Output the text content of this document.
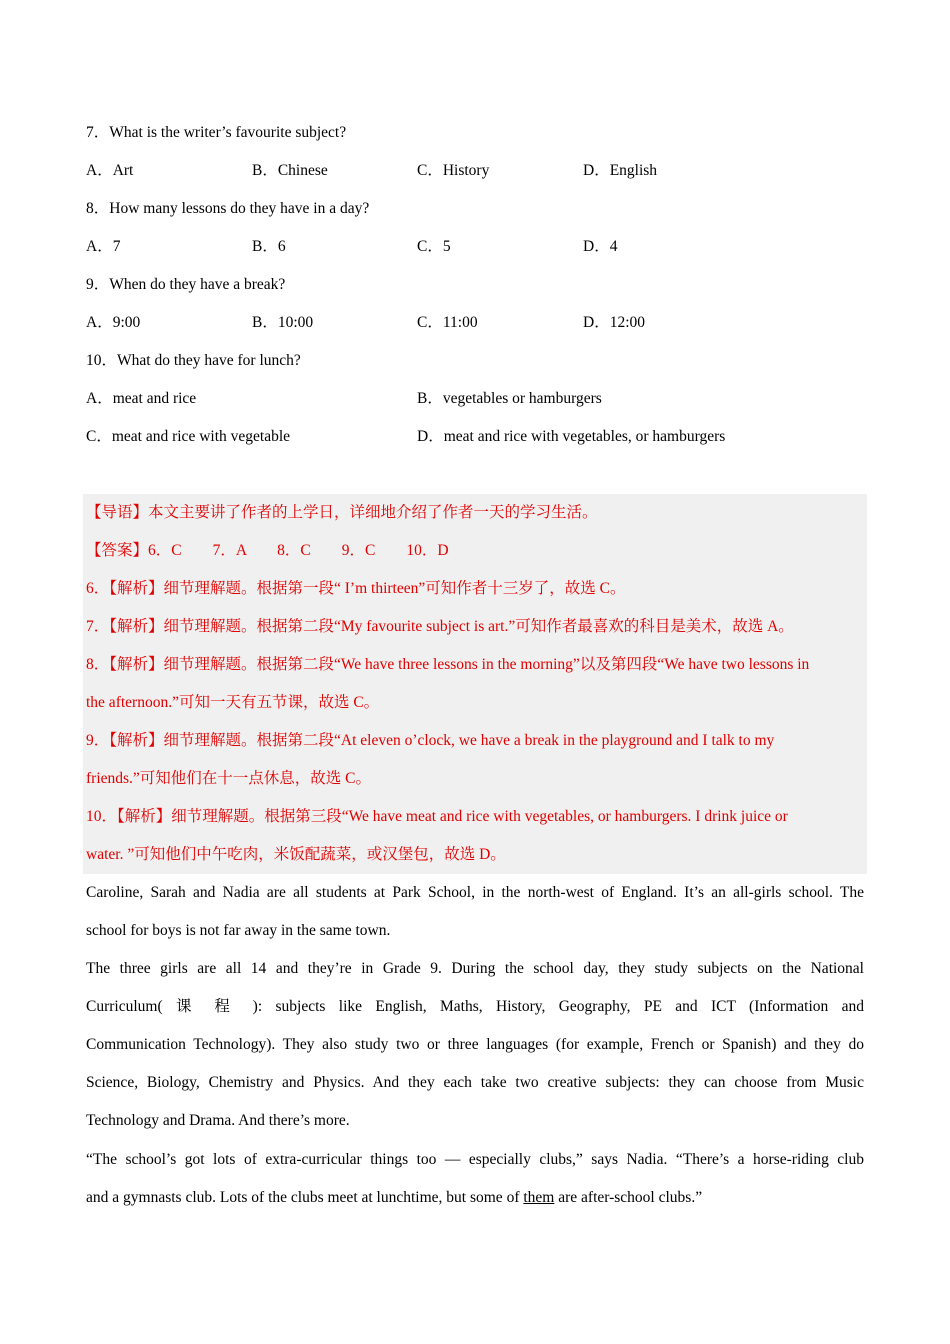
7．What is the writer’s favourite subject?
A．Art	B．Chinese	C．History	D．English
8．How many lessons do they have in a day?
A．7	B．6	C．5	D．4
9．When do they have a break?
A．9:00	B．10:00	C．11:00	D．12:00
10．What do they have for lunch?
A．meat and rice	B．vegetables or hamburgers
C．meat and rice with vegetable	D．meat and rice with vegetables, or hamburgers
【导语】本文主要讲了作者的上学日，详细地介绍了作者一天的学习生活。
【答案】6．C　　7．A　　8．C　　9．C　　10．D
6．【解析】细节理解题。根据第一段“ I’m thirteen”可知作者十三岁了，故选 C。
7．【解析】细节理解题。根据第二段“My favourite subject is art.”可知作者最喜欢的科目是美术，故选 A。
8．【解析】细节理解题。根据第二段“We have three lessons in the morning”以及第四段“We have two lessons in
the afternoon.”可知一天有五节课，故选 C。
9．【解析】细节理解题。根据第二段“At eleven o’clock, we have a break in the playground and I talk to my
friends.”可知他们在十一点休息，故选 C。
10．【解析】细节理解题。根据第三段“We have meat and rice with vegetables, or hamburgers. I drink juice or
water. ”可知他们中午吃肉，米饭配蔬菜，或汉堡包，故选 D。
Caroline, Sarah and Nadia are all students at Park School, in the north-west of England. It’s an all-girls school. The
school for boys is not far away in the same town.
The three girls are all 14 and they’re in Grade 9. During the school day, they study subjects on the National
Curriculum( 课 程 ): subjects like English, Maths, History, Geography, PE and ICT (Information and
Communication Technology). They also study two or three languages (for example, French or Spanish) and they do
Science, Biology, Chemistry and Physics. And they each take two creative subjects: they can choose from Music
Technology and Drama. And there’s more.
“The school’s got lots of extra-curricular things too — especially clubs,” says Nadia. “There’s a horse-riding club
and a gymnasts club. Lots of the clubs meet at lunchtime, but some of them are after-school clubs.”
